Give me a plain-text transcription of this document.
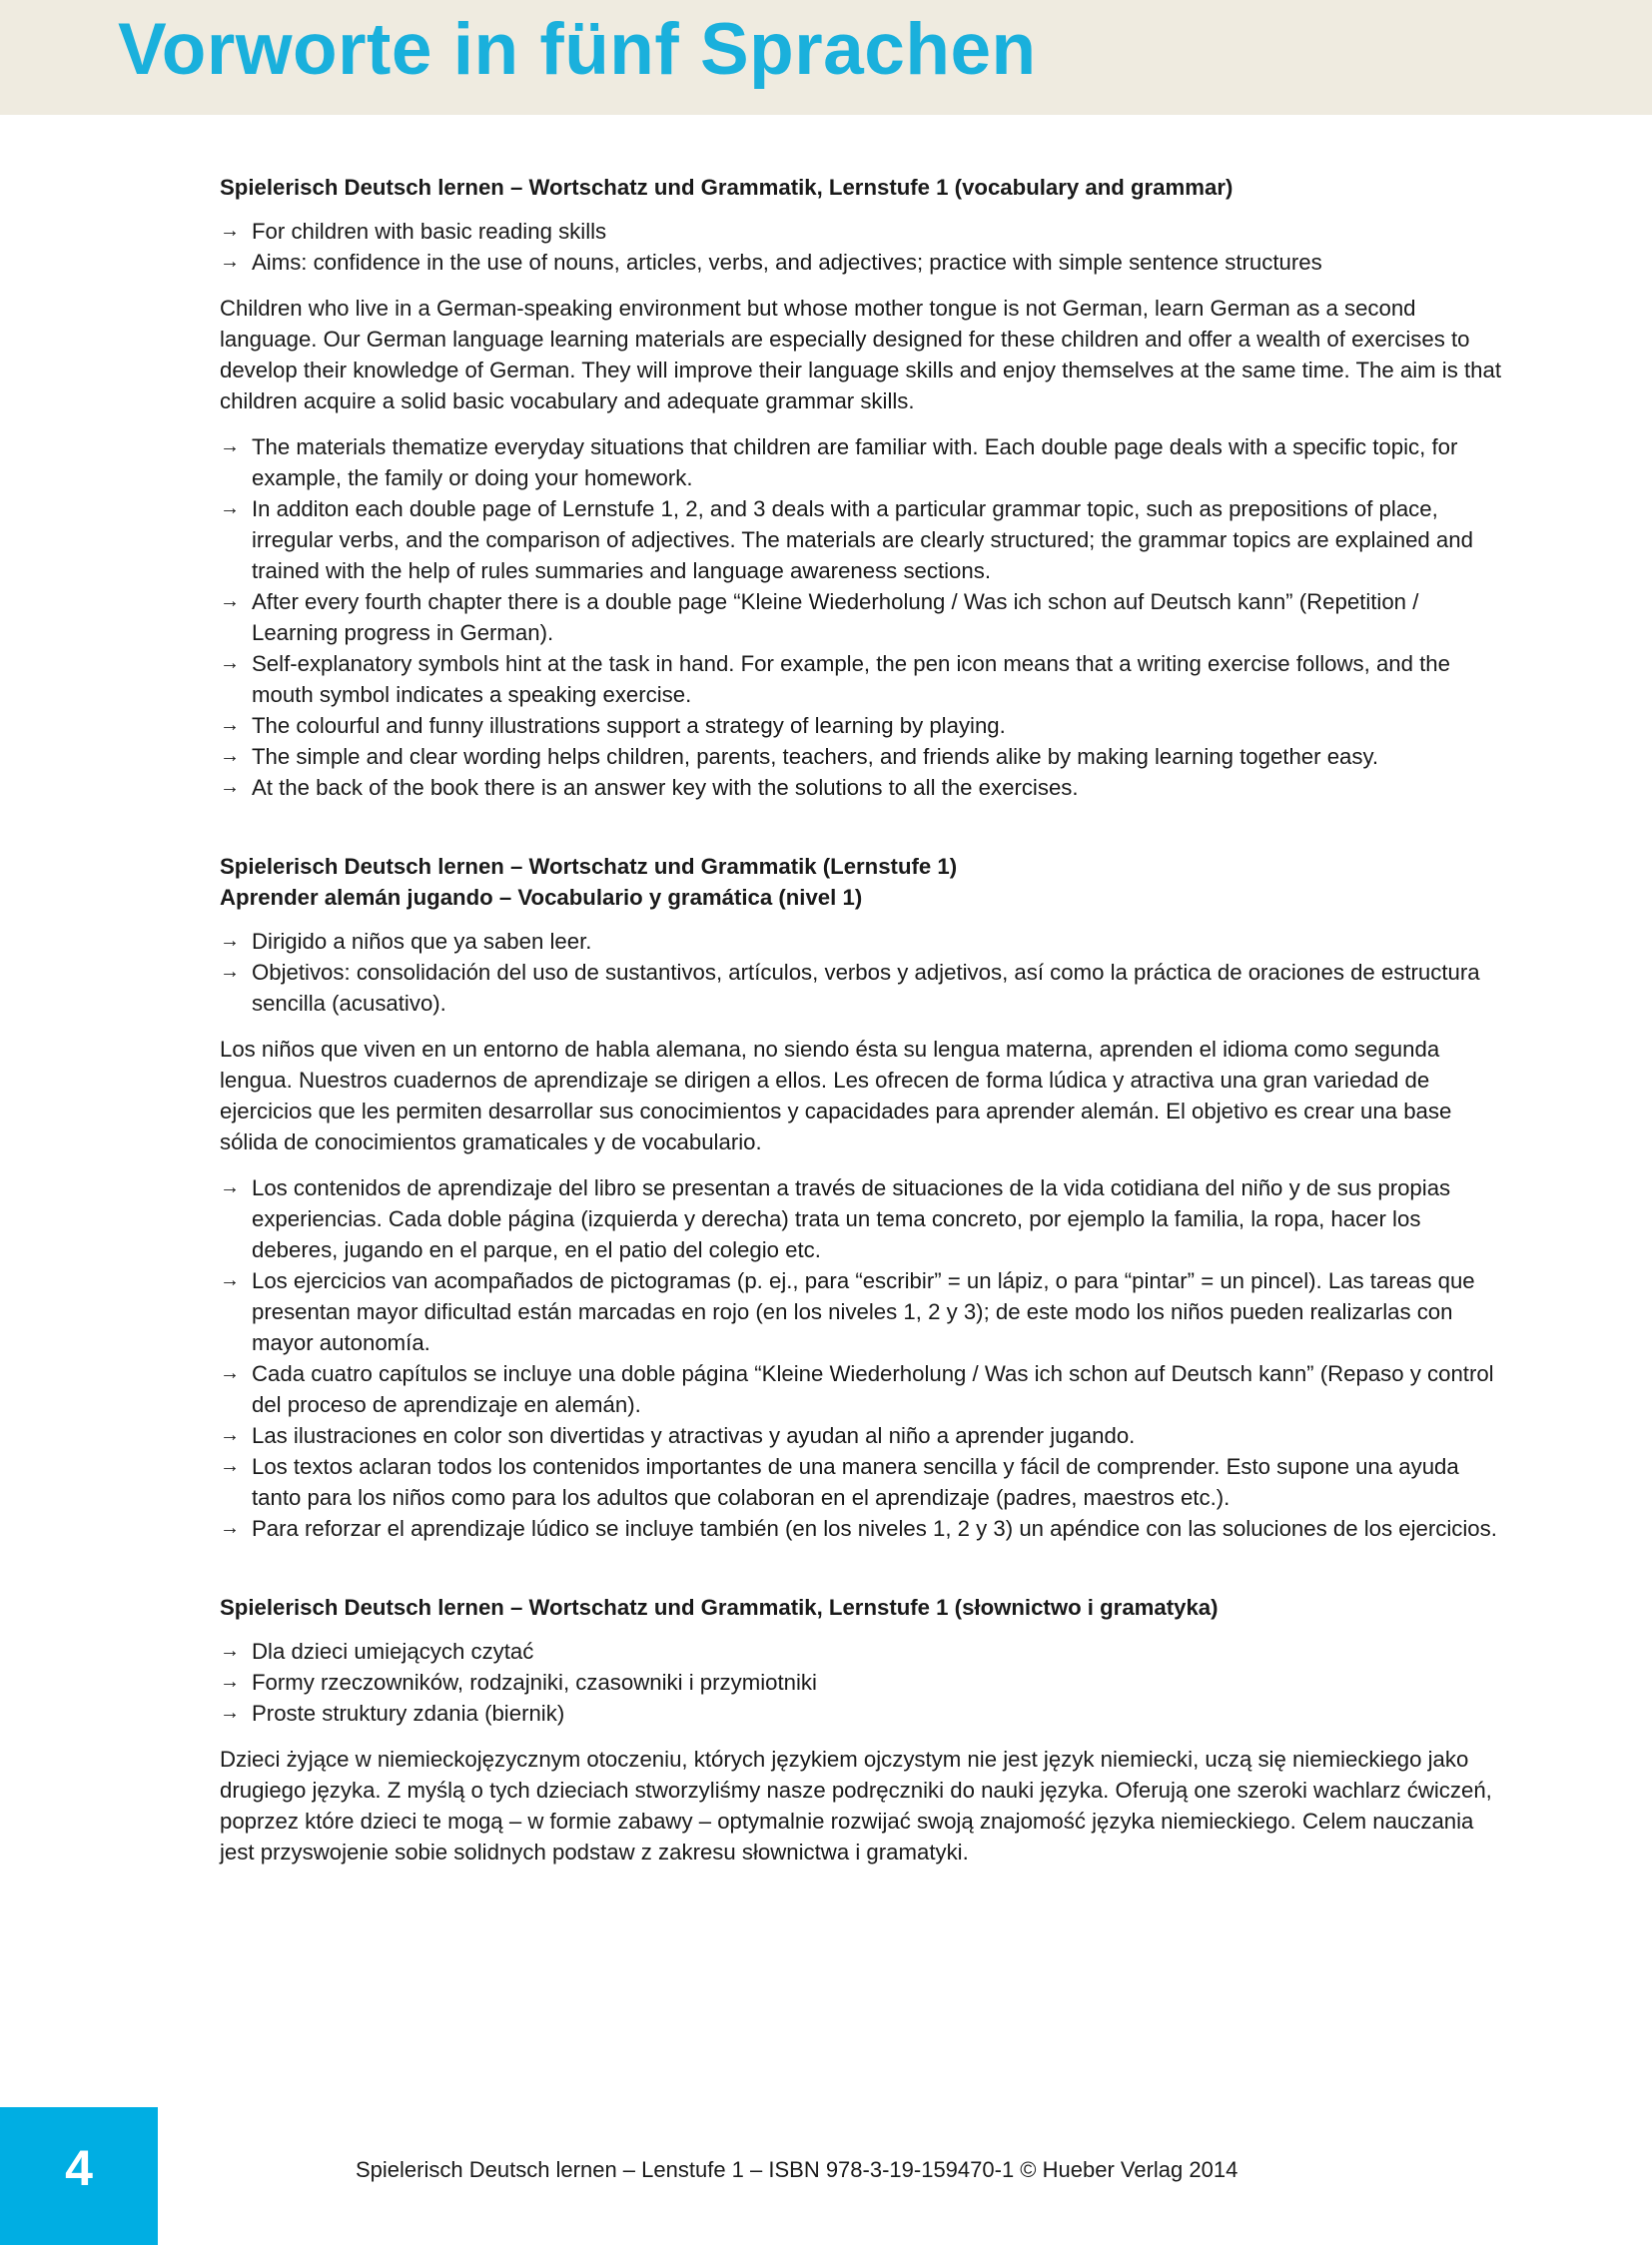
Vorworte in fünf Sprachen
Spielerisch Deutsch lernen – Wortschatz und Grammatik, Lernstufe 1 (vocabulary and grammar)
→ For children with basic reading skills
→ Aims: confidence in the use of nouns, articles, verbs, and adjectives; practice with simple sentence structures

Children who live in a German-speaking environment but whose mother tongue is not German, learn German as a second language. Our German language learning materials are especially designed for these children and offer a wealth of exercises to develop their knowledge of German. They will improve their language skills and enjoy themselves at the same time. The aim is that children acquire a solid basic vocabulary and adequate grammar skills.

→ The materials thematize everyday situations that children are familiar with. Each double page deals with a specific topic, for example, the family or doing your homework.
→ In additon each double page of Lernstufe 1, 2, and 3 deals with a particular grammar topic, such as prepositions of place, irregular verbs, and the comparison of adjectives. The materials are clearly structured; the grammar topics are explained and trained with the help of rules summaries and language awareness sections.
→ After every fourth chapter there is a double page “Kleine Wiederholung / Was ich schon auf Deutsch kann” (Repetition / Learning progress in German).
→ Self-explanatory symbols hint at the task in hand. For example, the pen icon means that a writing exercise follows, and the mouth symbol indicates a speaking exercise.
→ The colourful and funny illustrations support a strategy of learning by playing.
→ The simple and clear wording helps children, parents, teachers, and friends alike by making learning together easy.
→ At the back of the book there is an answer key with the solutions to all the exercises.
Spielerisch Deutsch lernen – Wortschatz und Grammatik (Lernstufe 1)
Aprender alemán jugando – Vocabulario y gramática (nivel 1)
→ Dirigido a niños que ya saben leer.
→ Objetivos: consolidación del uso de sustantivos, artículos, verbos y adjetivos, así como la práctica de oraciones de estructura sencilla (acusativo).

Los niños que viven en un entorno de habla alemana, no siendo ésta su lengua materna, aprenden el idioma como segunda lengua. Nuestros cuadernos de aprendizaje se dirigen a ellos. Les ofrecen de forma lúdica y atractiva una gran variedad de ejercicios que les permiten desarrollar sus conocimientos y capacidades para aprender alemán. El objetivo es crear una base sólida de conocimientos gramaticales y de vocabulario.

→ Los contenidos de aprendizaje del libro se presentan a través de situaciones de la vida cotidiana del niño y de sus propias experiencias. Cada doble página (izquierda y derecha) trata un tema concreto, por ejemplo la familia, la ropa, hacer los deberes, jugando en el parque, en el patio del colegio etc.
→ Los ejercicios van acompañados de pictogramas (p. ej., para “escribir” = un lápiz, o para “pintar” = un pincel). Las tareas que presentan mayor dificultad están marcadas en rojo (en los niveles 1, 2 y 3); de este modo los niños pueden realizarlas con mayor autonomía.
→ Cada cuatro capítulos se incluye una doble página “Kleine Wiederholung / Was ich schon auf Deutsch kann” (Repaso y control del proceso de aprendizaje en alemán).
→ Las ilustraciones en color son divertidas y atractivas y ayudan al niño a aprender jugando.
→ Los textos aclaran todos los contenidos importantes de una manera sencilla y fácil de comprender. Esto supone una ayuda tanto para los niños como para los adultos que colaboran en el aprendizaje (padres, maestros etc.).
→ Para reforzar el aprendizaje lúdico se incluye también (en los niveles 1, 2 y 3) un apéndice con las soluciones de los ejercicios.
Spielerisch Deutsch lernen – Wortschatz und Grammatik, Lernstufe 1 (słownictwo i gramatyka)
→ Dla dzieci umiejących czytać
→ Formy rzeczowników, rodzajniki, czasowniki i przymiotniki
→ Proste struktury zdania (biernik)

Dzieci żyjące w niemieckojęzycznym otoczeniu, których językiem ojczystym nie jest język niemiecki, uczą się niemieckiego jako drugiego języka. Z myślą o tych dzieciach stworzyliśmy nasze podręczniki do nauki języka. Oferują one szeroki wachlarz ćwiczeń, poprzez które dzieci te mogą – w formie zabawy – optymalnie rozwijać swoją znajomość języka niemieckiego. Celem nauczania jest przyswojenie sobie solidnych podstaw z zakresu słownictwa i gramatyki.

4	Spielerisch Deutsch lernen – Lenstufe 1 – ISBN 978-3-19-159470-1 © Hueber Verlag 2014
